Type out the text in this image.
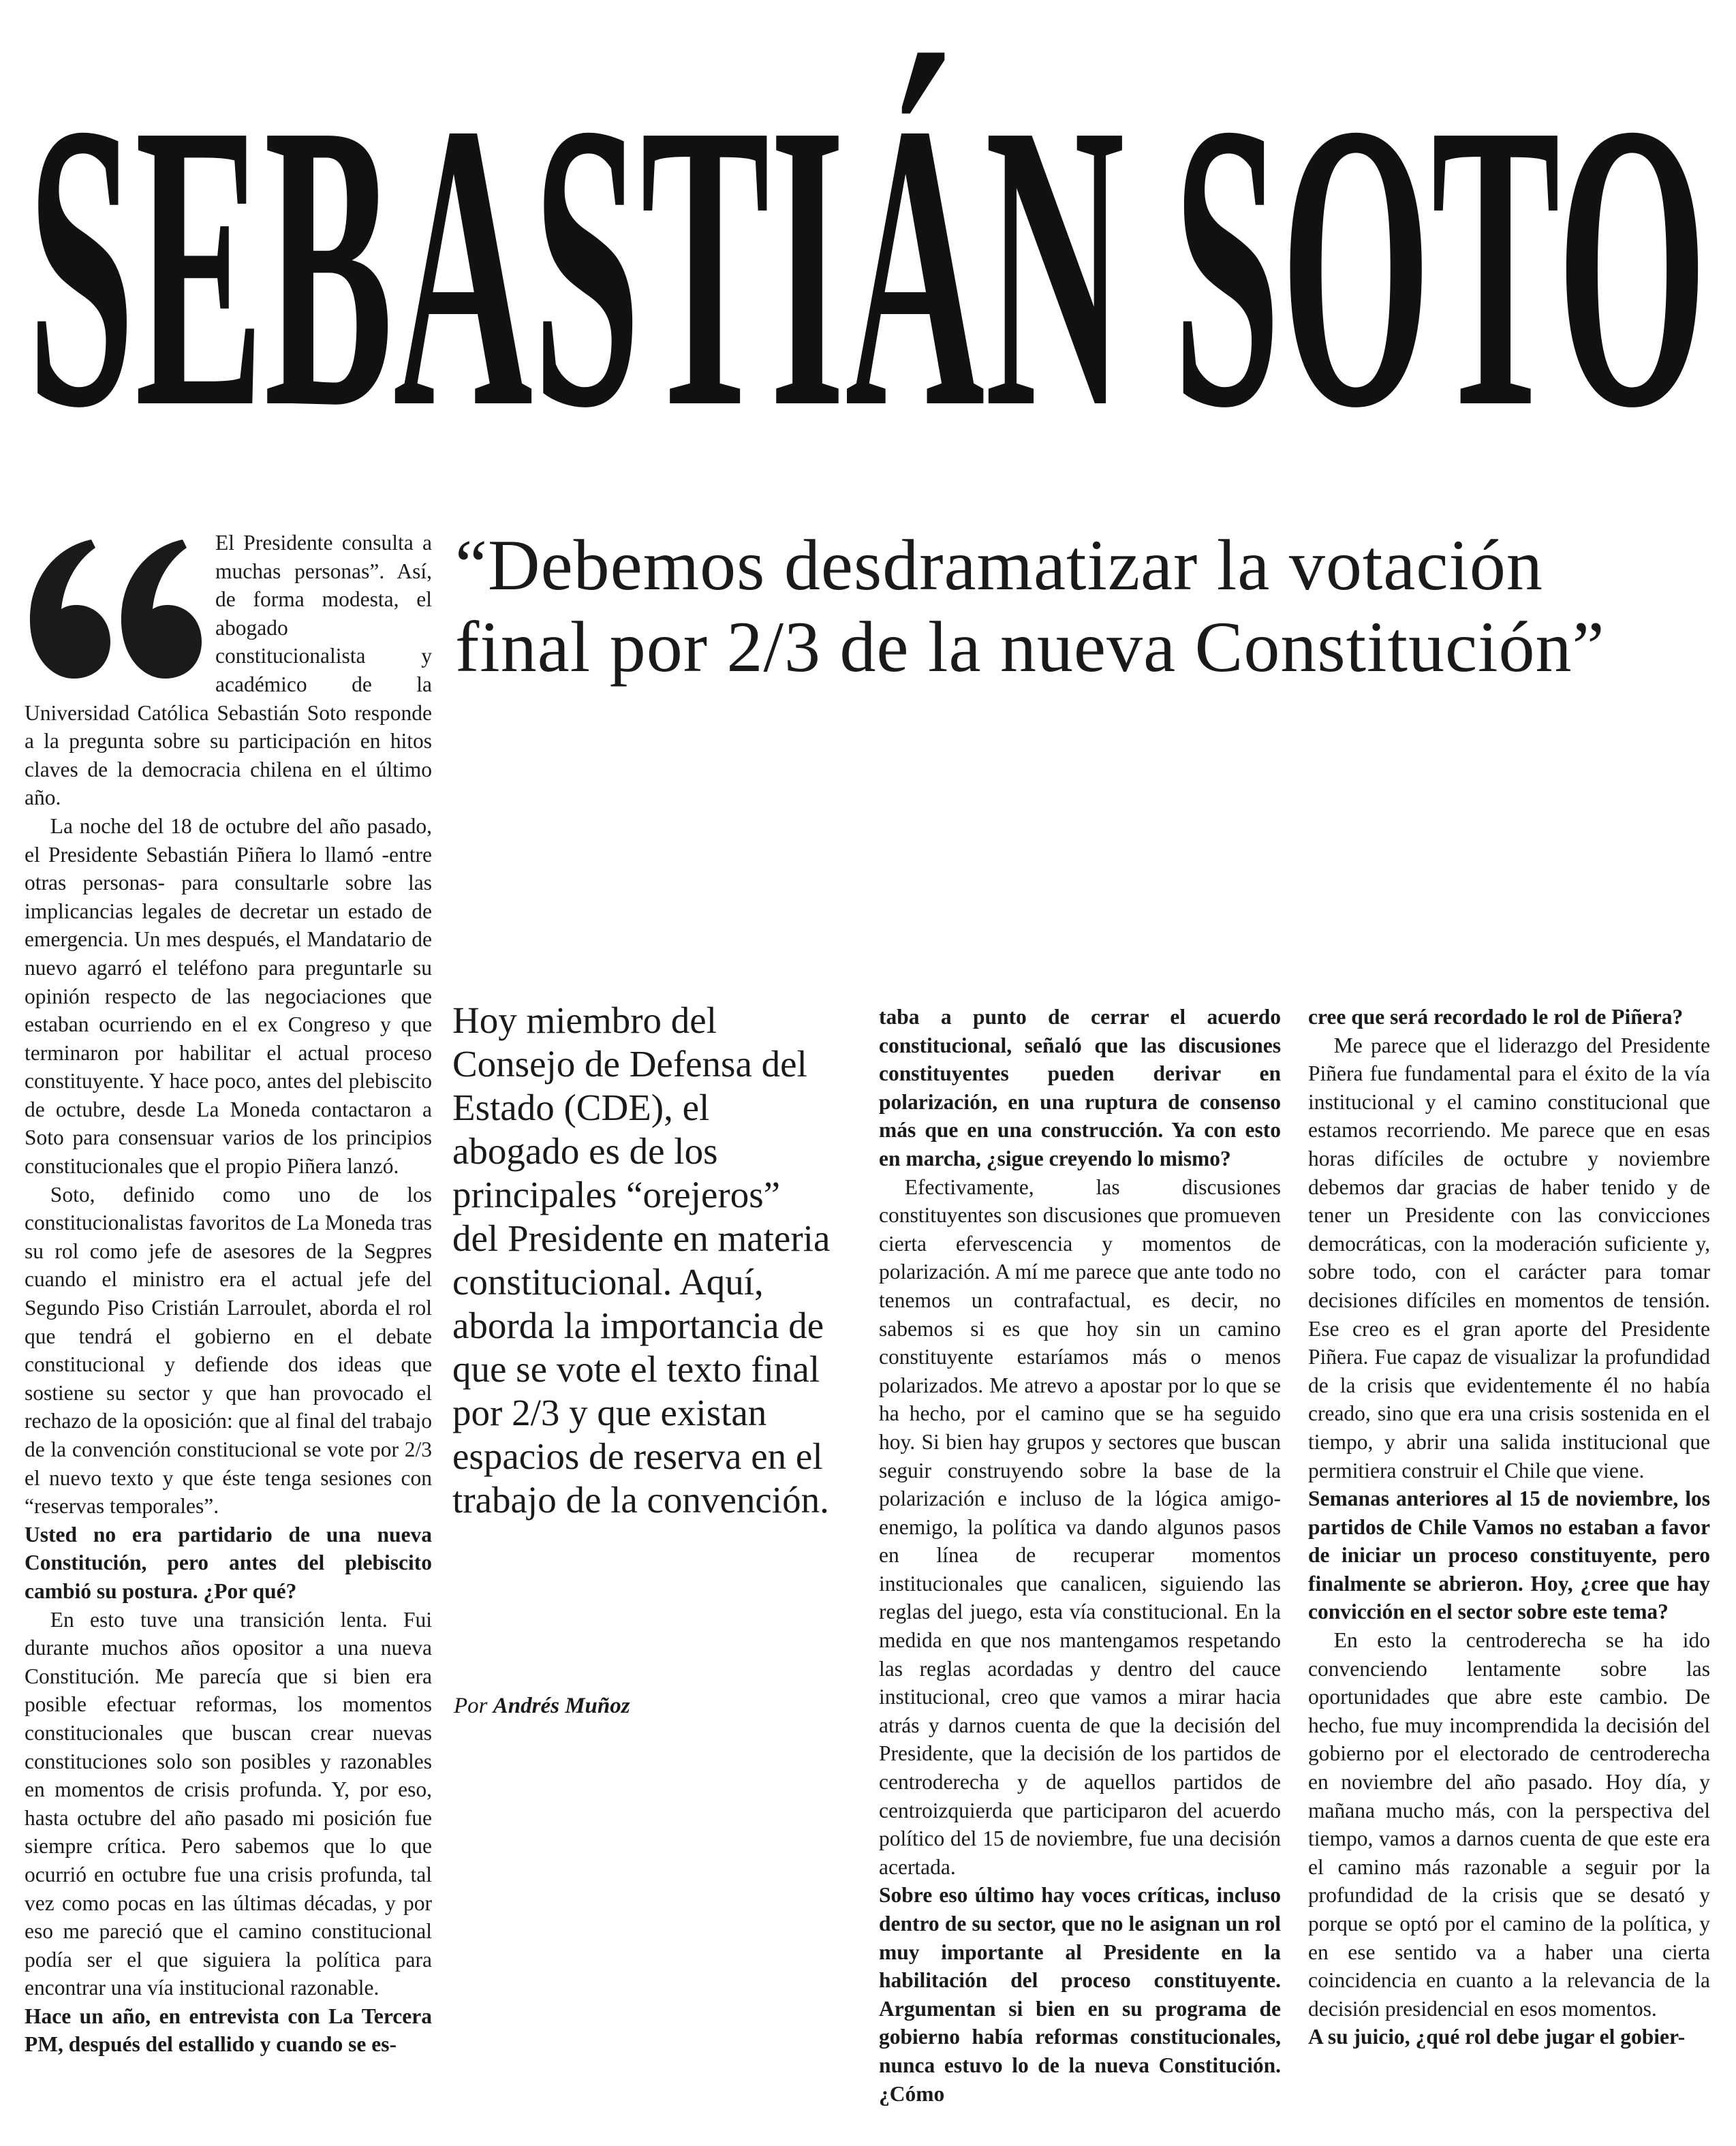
SEBASTIÁN SOTO

El Presidente consulta a muchas personas”. Así, de forma modesta, el abogado constitucionalista y académico de la Universidad Católica Sebastián Soto responde a la pregunta sobre su participación en hitos claves de la democracia chilena en el último año.

La noche del 18 de octubre del año pasado, el Presidente Sebastián Piñera lo llamó -entre otras personas- para consultarle sobre las implicancias legales de decretar un estado de emergencia. Un mes después, el Mandatario de nuevo agarró el teléfono para preguntarle su opinión respecto de las negociaciones que estaban ocurriendo en el ex Congreso y que terminaron por habilitar el actual proceso constituyente. Y hace poco, antes del plebiscito de octubre, desde La Moneda contactaron a Soto para consensuar varios de los principios constitucionales que el propio Piñera lanzó.

Soto, definido como uno de los constitucionalistas favoritos de La Moneda tras su rol como jefe de asesores de la Segpres cuando el ministro era el actual jefe del Segundo Piso Cristián Larroulet, aborda el rol que tendrá el gobierno en el debate constitucional y defiende dos ideas que sostiene su sector y que han provocado el rechazo de la oposición: que al final del trabajo de la convención constitucional se vote por 2/3 el nuevo texto y que éste tenga sesiones con “reservas temporales”.

Usted no era partidario de una nueva Constitución, pero antes del plebiscito cambió su postura. ¿Por qué?

En esto tuve una transición lenta. Fui durante muchos años opositor a una nueva Constitución. Me parecía que si bien era posible efectuar reformas, los momentos constitucionales que buscan crear nuevas constituciones solo son posibles y razonables en momentos de crisis profunda. Y, por eso, hasta octubre del año pasado mi posición fue siempre crítica. Pero sabemos que lo que ocurrió en octubre fue una crisis profunda, tal vez como pocas en las últimas décadas, y por eso me pareció que el camino constitucional podía ser el que siguiera la política para encontrar una vía institucional razonable.

Hace un año, en entrevista con La Tercera PM, después del estallido y cuando se es-

“Debemos desdramatizar la votación final por 2/3 de la nueva Constitución”
Hoy miembro del Consejo de Defensa del Estado (CDE), el abogado es de los principales “orejeros” del Presidente en materia constitucional. Aquí, aborda la importancia de que se vote el texto final por 2/3 y que existan espacios de reserva en el trabajo de la convención.
Por Andrés Muñoz

taba a punto de cerrar el acuerdo constitucional, señaló que las discusiones constituyentes pueden derivar en polarización, en una ruptura de consenso más que en una construcción. Ya con esto en marcha, ¿sigue creyendo lo mismo?

Efectivamente, las discusiones constituyentes son discusiones que promueven cierta efervescencia y momentos de polarización. A mí me parece que ante todo no tenemos un contrafactual, es decir, no sabemos si es que hoy sin un camino constituyente estaríamos más o menos polarizados. Me atrevo a apostar por lo que se ha hecho, por el camino que se ha seguido hoy. Si bien hay grupos y sectores que buscan seguir construyendo sobre la base de la polarización e incluso de la lógica amigo-enemigo, la política va dando algunos pasos en línea de recuperar momentos institucionales que canalicen, siguiendo las reglas del juego, esta vía constitucional. En la medida en que nos mantengamos respetando las reglas acordadas y dentro del cauce institucional, creo que vamos a mirar hacia atrás y darnos cuenta de que la decisión del Presidente, que la decisión de los partidos de centroderecha y de aquellos partidos de centroizquierda que participaron del acuerdo político del 15 de noviembre, fue una decisión acertada.

Sobre eso último hay voces críticas, incluso dentro de su sector, que no le asignan un rol muy importante al Presidente en la habilitación del proceso constituyente. Argumentan si bien en su programa de gobierno había reformas constitucionales, nunca estuvo lo de la nueva Constitución. ¿Cómo

cree que será recordado le rol de Piñera?

Me parece que el liderazgo del Presidente Piñera fue fundamental para el éxito de la vía institucional y el camino constitucional que estamos recorriendo. Me parece que en esas horas difíciles de octubre y noviembre debemos dar gracias de haber tenido y de tener un Presidente con las convicciones democráticas, con la moderación suficiente y, sobre todo, con el carácter para tomar decisiones difíciles en momentos de tensión. Ese creo es el gran aporte del Presidente Piñera. Fue capaz de visualizar la profundidad de la crisis que evidentemente él no había creado, sino que era una crisis sostenida en el tiempo, y abrir una salida institucional que permitiera construir el Chile que viene.

Semanas anteriores al 15 de noviembre, los partidos de Chile Vamos no estaban a favor de iniciar un proceso constituyente, pero finalmente se abrieron. Hoy, ¿cree que hay convicción en el sector sobre este tema?

En esto la centroderecha se ha ido convenciendo lentamente sobre las oportunidades que abre este cambio. De hecho, fue muy incomprendida la decisión del gobierno por el electorado de centroderecha en noviembre del año pasado. Hoy día, y mañana mucho más, con la perspectiva del tiempo, vamos a darnos cuenta de que este era el camino más razonable a seguir por la profundidad de la crisis que se desató y porque se optó por el camino de la política, y en ese sentido va a haber una cierta coincidencia en cuanto a la relevancia de la decisión presidencial en esos momentos.

A su juicio, ¿qué rol debe jugar el gobier-
